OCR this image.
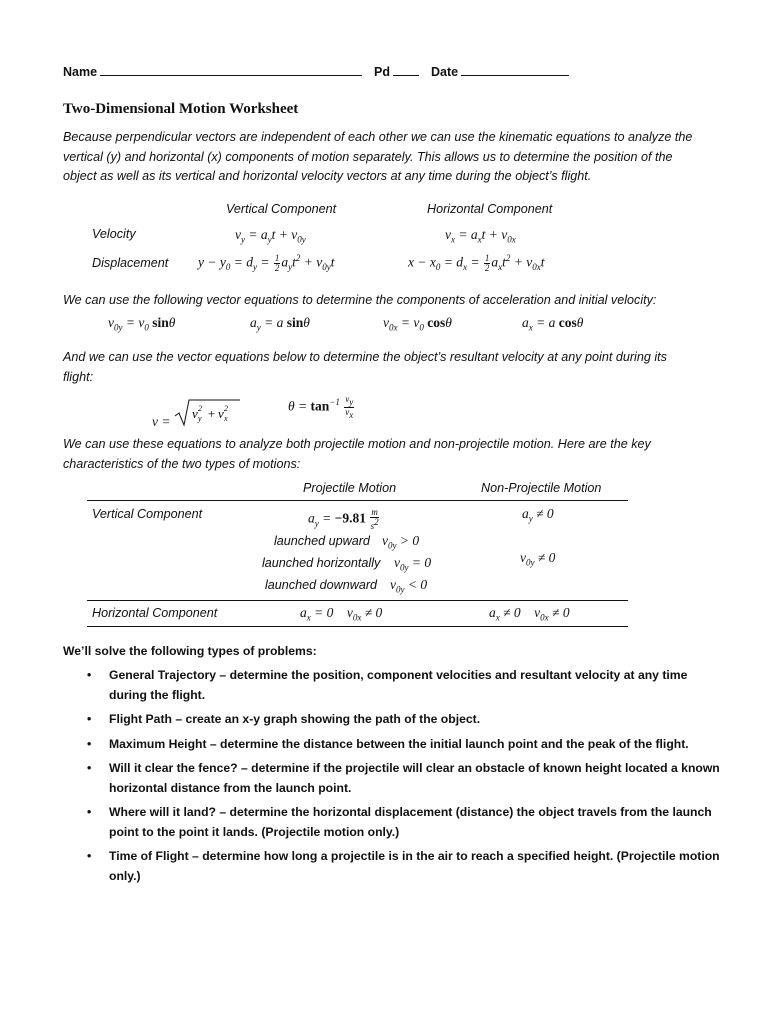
Name	Pd	Date
Two-Dimensional Motion Worksheet
Because perpendicular vectors are independent of each other we can use the kinematic equations to analyze the
vertical (y) and horizontal (x) components of motion separately. This allows us to determine the position of the
object as well as its vertical and horizontal velocity vectors at any time during the object’s flight.
Vertical Component	Horizontal Component
Velocity	$v_y = a_yt + v_{0y}$	$v_x = a_xt + v_{0x}$
Displacement $y - y_0 = d_y = \frac{1}{2} a_yt^2 + v_{0y}t$	$x - x_0 = d_x = \frac{1}{2} a_xt^2 + v_{0x}t$
We can use the following vector equations to determine the components of acceleration and initial velocity:
$v_{0y} = v_0$ sinθ	$a_y = a$ sinθ	$v_{0x} = v_0$ cosθ	$a_x = a$ cosθ
And we can use the vector equations below to determine the object’s resultant velocity at any point during its
flight:
v =
v y
2 + v x
2	$\theta = \tan^{-1} \frac{v_y}{v_x}$
We can use these equations to analyze both projectile motion and non-projectile motion. Here are the key
characteristics of the two types of motions:
Projectile Motion	Non-Projectile Motion
Vertical Component	$a_y = -9.81 \frac{m}{s^2}$	$a_y \ne 0$
launched upward $v_{0y} > 0$
launched horizontally $v_{0y} = 0$	$v_{0y} \ne 0$
launched downward $v_{0y} < 0$
Horizontal Component	$a_x = 0$    $v_{0x} \ne 0$	$a_x \ne 0$    $v_{0x} \ne 0$
We’ll solve the following types of problems:
• General Trajectory – determine the position, component velocities and resultant velocity at any time
during the flight.
• Flight Path – create an x-y graph showing the path of the object.
• Maximum Height – determine the distance between the initial launch point and the peak of the flight.
• Will it clear the fence? – determine if the projectile will clear an obstacle of known height located a known
horizontal distance from the launch point.
• Where will it land? – determine the horizontal displacement (distance) the object travels from the launch
point to the point it lands. (Projectile motion only.)
• Time of Flight – determine how long a projectile is in the air to reach a specified height. (Projectile motion
only.)
